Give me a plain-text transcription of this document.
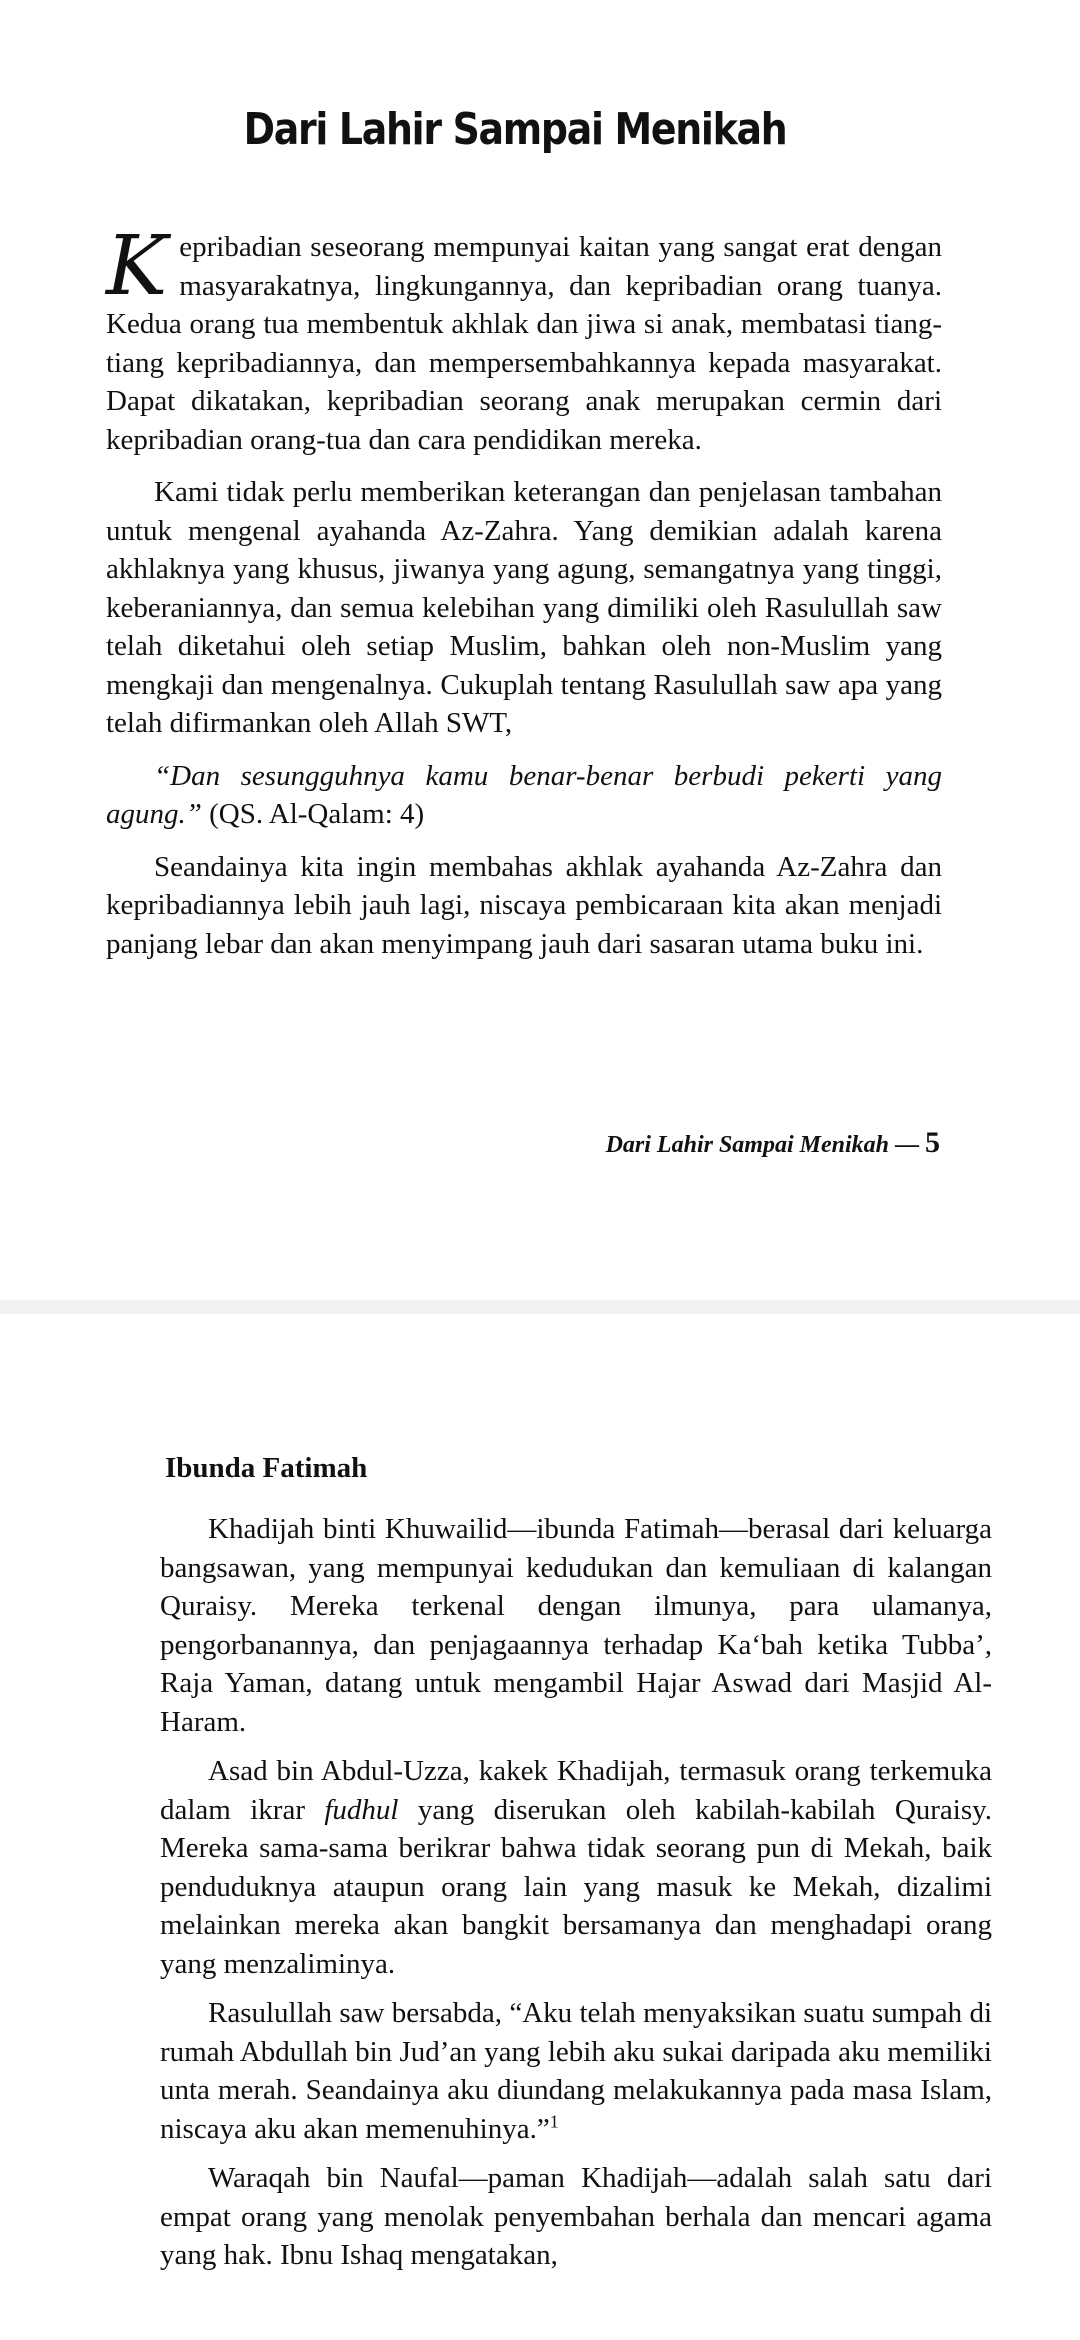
Dari Lahir Sampai Menikah

Kepribadian seseorang mempunyai kaitan yang sangat erat dengan masyarakatnya, lingkungannya, dan kepribadian orang tuanya. Kedua orang tua membentuk akhlak dan jiwa si anak, membatasi tiang-tiang kepribadiannya, dan mempersembahkannya kepada masyarakat. Dapat dikatakan, kepribadian seorang anak merupakan cermin dari kepribadian orang-tua dan cara pendidikan mereka.

Kami tidak perlu memberikan keterangan dan penjelasan tambahan untuk mengenal ayahanda Az-Zahra. Yang demikian adalah karena akhlaknya yang khusus, jiwanya yang agung, semangatnya yang tinggi, keberaniannya, dan semua kelebihan yang dimiliki oleh Rasulullah saw telah diketahui oleh setiap Muslim, bahkan oleh non-Muslim yang mengkaji dan mengenalnya. Cukuplah tentang Rasulullah saw apa yang telah difirmankan oleh Allah SWT,

“Dan sesungguhnya kamu benar-benar berbudi pekerti yang agung.” (QS. Al-Qalam: 4)

Seandainya kita ingin membahas akhlak ayahanda Az-Zahra dan kepribadiannya lebih jauh lagi, niscaya pembicaraan kita akan menjadi panjang lebar dan akan menyimpang jauh dari sasaran utama buku ini.

Dari Lahir Sampai Menikah — 5

Ibunda Fatimah

Khadijah binti Khuwailid—ibunda Fatimah—berasal dari keluarga bangsawan, yang mempunyai kedudukan dan kemuliaan di kalangan Quraisy. Mereka terkenal dengan ilmunya, para ulamanya, pengorbanannya, dan penjagaannya terhadap Ka‘bah ketika Tubba’, Raja Yaman, datang untuk mengambil Hajar Aswad dari Masjid Al-Haram.

Asad bin Abdul-Uzza, kakek Khadijah, termasuk orang terkemuka dalam ikrar fudhul yang diserukan oleh kabilah-kabilah Quraisy. Mereka sama-sama berikrar bahwa tidak seorang pun di Mekah, baik penduduknya ataupun orang lain yang masuk ke Mekah, dizalimi melainkan mereka akan bangkit bersamanya dan menghadapi orang yang menzaliminya.

Rasulullah saw bersabda, “Aku telah menyaksikan suatu sumpah di rumah Abdullah bin Jud’an yang lebih aku sukai daripada aku memiliki unta merah. Seandainya aku diundang melakukannya pada masa Islam, niscaya aku akan memenuhinya.”$^1$

Waraqah bin Naufal—paman Khadijah—adalah salah satu dari empat orang yang menolak penyembahan berhala dan mencari agama yang hak. Ibnu Ishaq mengatakan,
